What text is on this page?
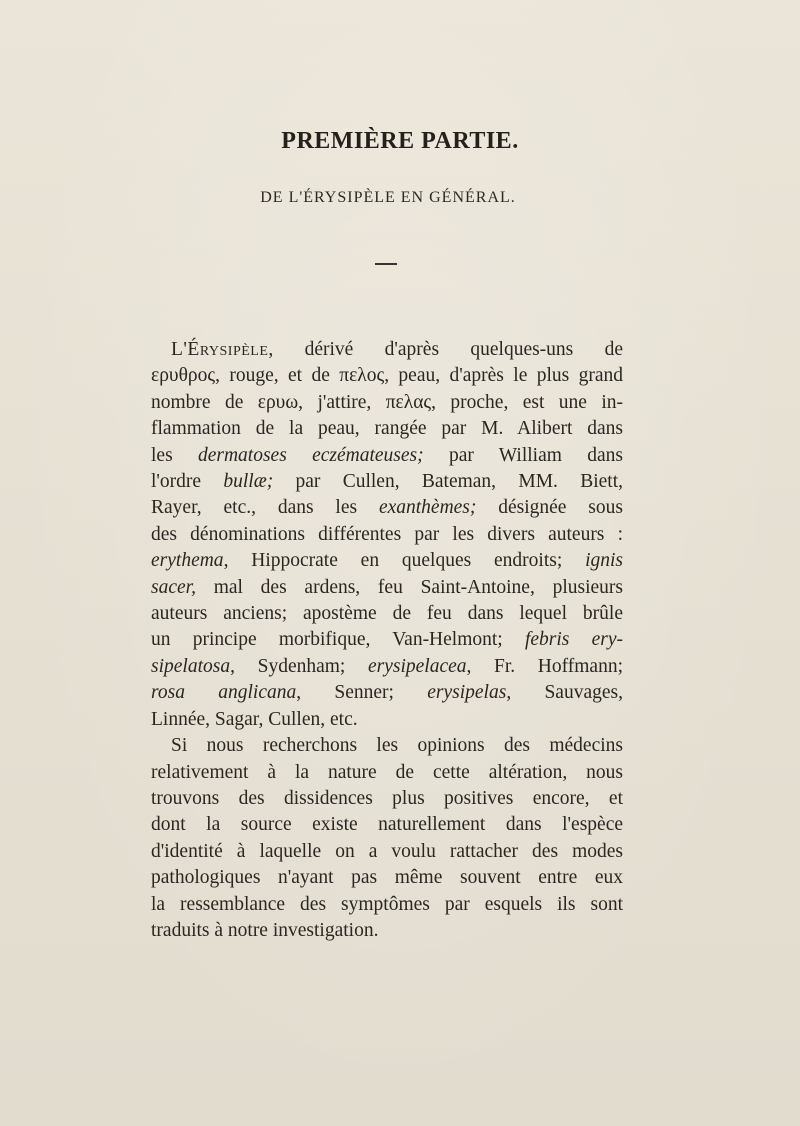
PREMIÈRE PARTIE.
DE L'ÉRYSIPÈLE EN GÉNÉRAL.
L'Érysipèle, dérivé d'après quelques-uns de
ερυθρος, rouge, et de πελος, peau, d'après le plus grand
nombre de ερυω, j'attire, πελας, proche, est une in-
flammation de la peau, rangée par M. Alibert dans
les dermatoses eczémateuses; par William dans
l'ordre bullæ; par Cullen, Bateman, MM. Biett,
Rayer, etc., dans les exanthèmes; désignée sous
des dénominations différentes par les divers auteurs :
erythema, Hippocrate en quelques endroits; ignis
sacer, mal des ardens, feu Saint-Antoine, plusieurs
auteurs anciens; apostème de feu dans lequel brûle
un principe morbifique, Van-Helmont; febris ery-
sipelatosa, Sydenham; erysipelacea, Fr. Hoffmann;
rosa anglicana, Senner; erysipelas, Sauvages,
Linnée, Sagar, Cullen, etc.
Si nous recherchons les opinions des médecins
relativement à la nature de cette altération, nous
trouvons des dissidences plus positives encore, et
dont la source existe naturellement dans l'espèce
d'identité à laquelle on a voulu rattacher des modes
pathologiques n'ayant pas même souvent entre eux
la ressemblance des symptômes par esquels ils sont
traduits à notre investigation.
